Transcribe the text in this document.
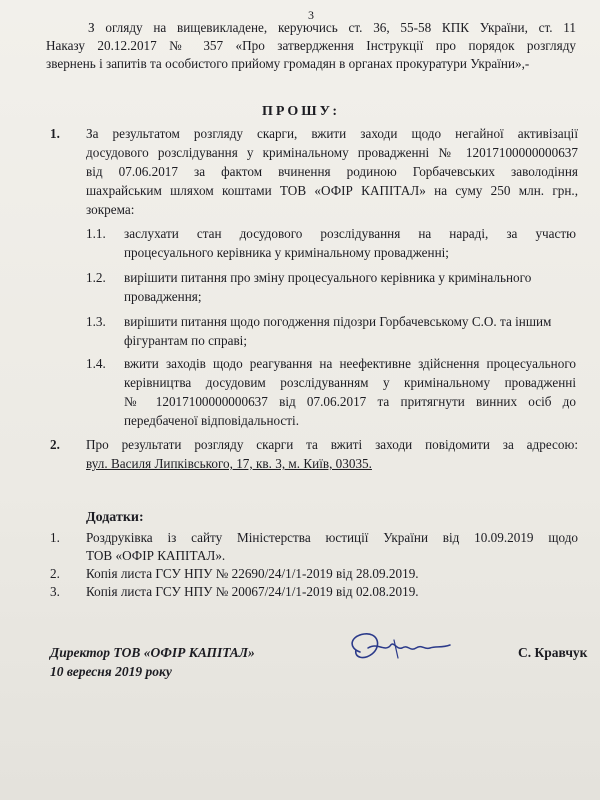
3
З огляду на вищевикладене, керуючись ст. 36, 55-58 КПК України, ст. 11
Наказу 20.12.2017 № 357 «Про затвердження Інструкції про порядок розгляду
звернень і запитів та особистого прийому громадян в органах прокуратури України»,-
ПРОШУ:
1. За результатом розгляду скарги, вжити заходи щодо негайної активізації
досудового розслідування у кримінальному провадженні № 12017100000000637
від 07.06.2017 за фактом вчинення родиною Горбачевських заволодіння
шахрайським шляхом коштами ТОВ «ОФІР КАПІТАЛ» на суму 250 млн. грн.,
зокрема:
1.1. заслухати стан досудового розслідування на нараді, за участю
процесуального керівника у кримінальному провадженні;
1.2. вирішити питання про зміну процесуального керівника у кримінального
провадження;
1.3. вирішити питання щодо погодження підозри Горбачевському С.О. та іншим
фігурантам по справі;
1.4. вжити заходів щодо реагування на неефективне здійснення процесуального
керівництва досудовим розслідуванням у кримінальному провадженні
№ 12017100000000637 від 07.06.2017 та притягнути винних осіб до
передбаченої відповідальності.
2. Про результати розгляду скарги та вжиті заходи повідомити за адресою:
вул. Василя Липківського, 17, кв. 3, м. Київ, 03035.
Додатки:
1. Роздруківка із сайту Міністерства юстиції України від 10.09.2019 щодо
ТОВ «ОФІР КАПІТАЛ».
2. Копія листа ГСУ НПУ № 22690/24/1/1-2019 від 28.09.2019.
3. Копія листа ГСУ НПУ № 20067/24/1/1-2019 від 02.08.2019.
Директор ТОВ «ОФІР КАПІТАЛ»
10 вересня 2019 року
С. Кравчук
